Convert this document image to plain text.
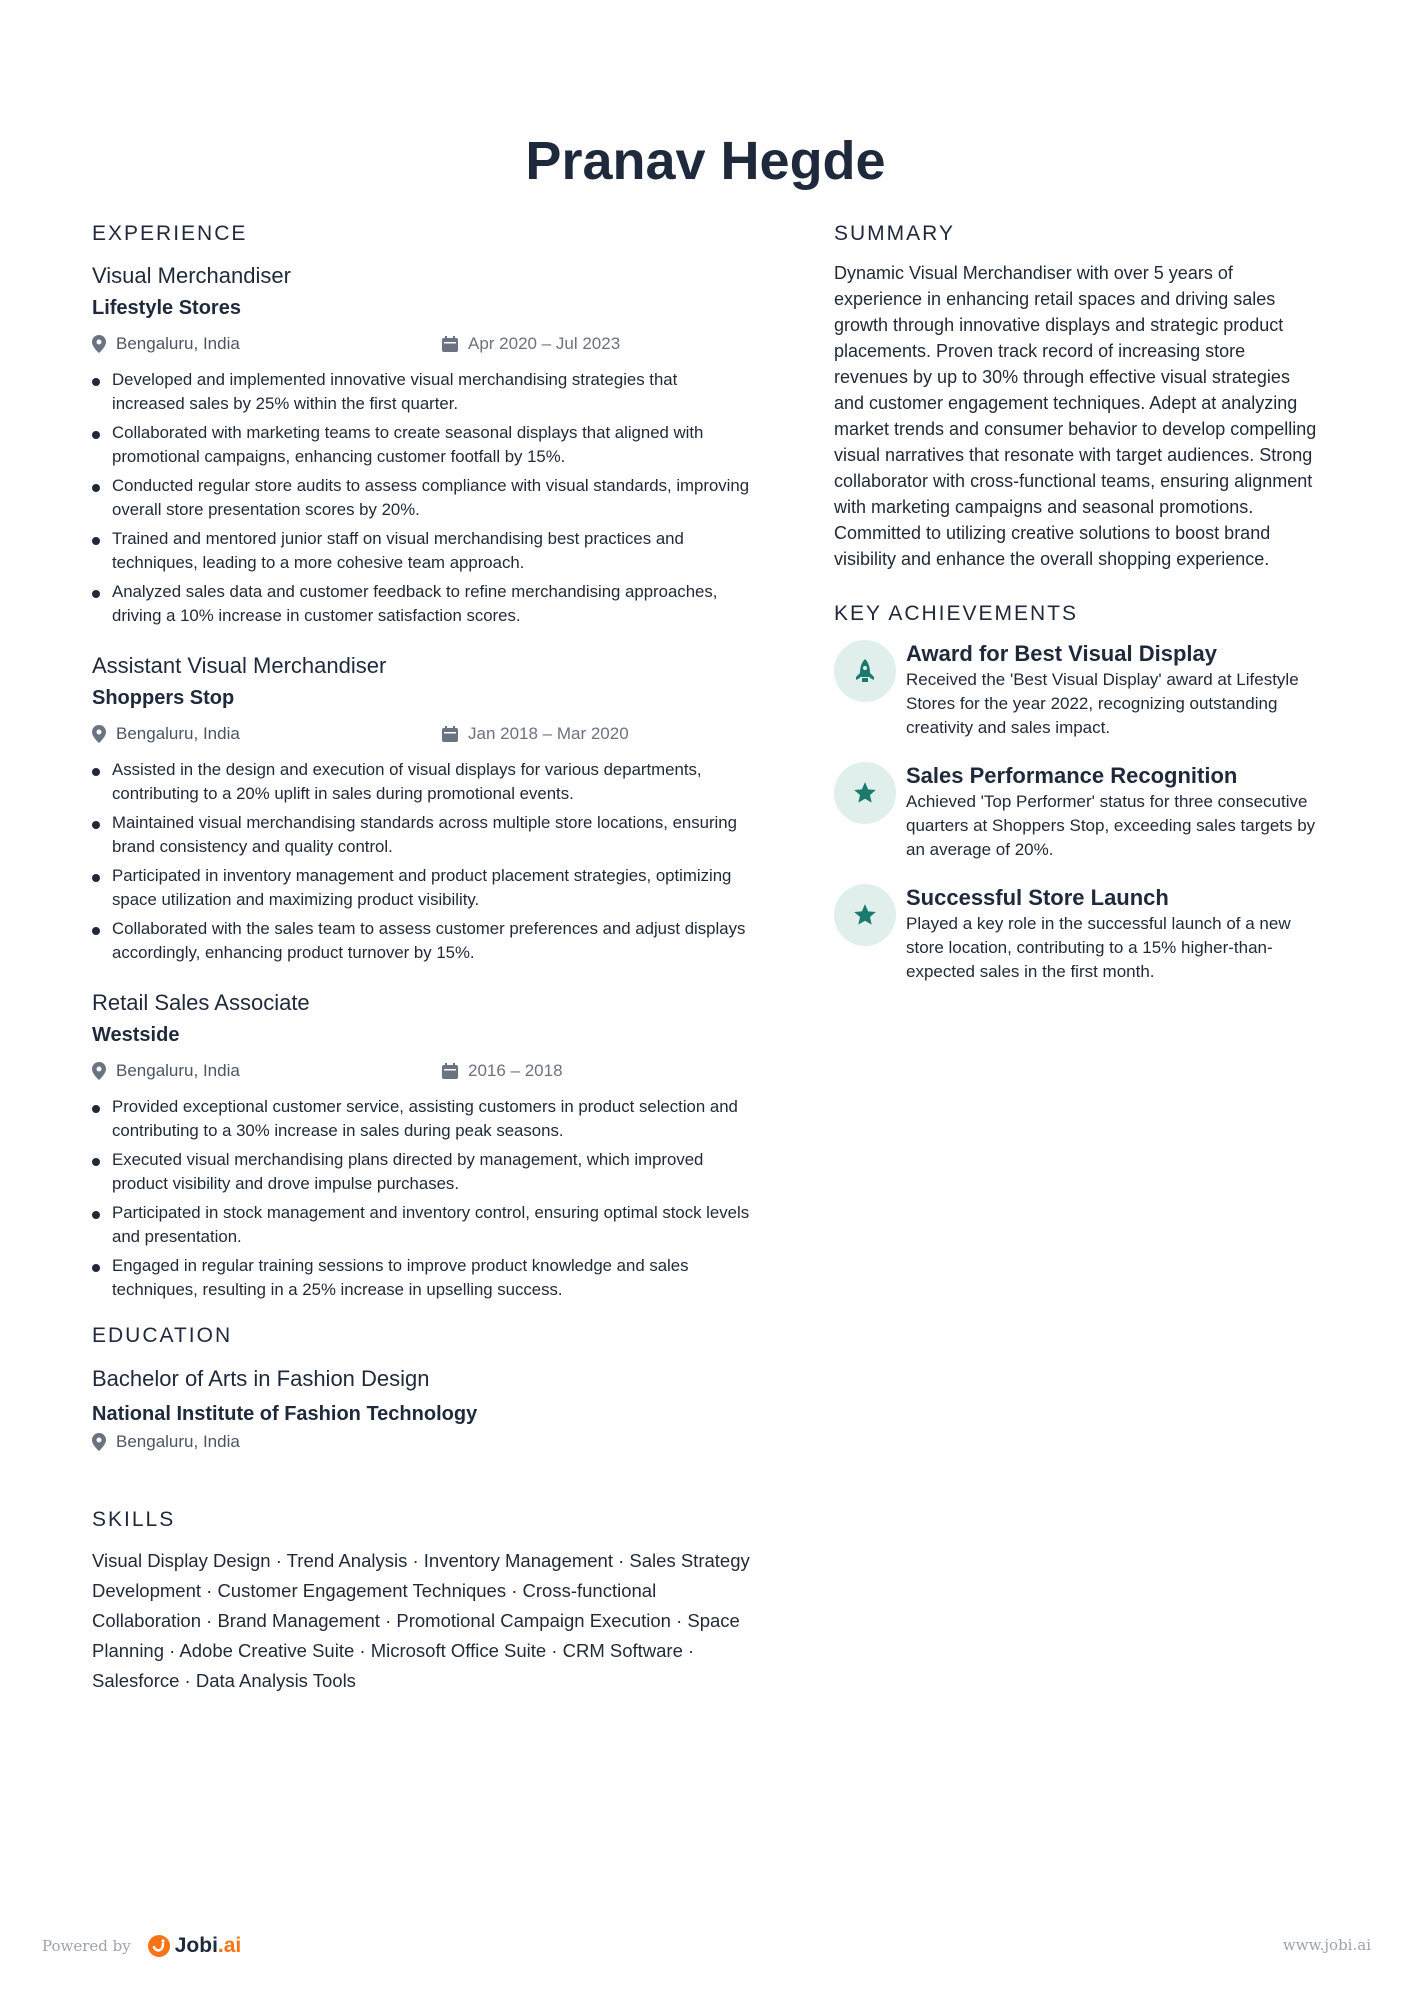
Pranav Hegde
EXPERIENCE
Visual Merchandiser
Lifestyle Stores
Bengaluru, India	Apr 2020 – Jul 2023
Developed and implemented innovative visual merchandising strategies that increased sales by 25% within the first quarter.
Collaborated with marketing teams to create seasonal displays that aligned with promotional campaigns, enhancing customer footfall by 15%.
Conducted regular store audits to assess compliance with visual standards, improving overall store presentation scores by 20%.
Trained and mentored junior staff on visual merchandising best practices and techniques, leading to a more cohesive team approach.
Analyzed sales data and customer feedback to refine merchandising approaches, driving a 10% increase in customer satisfaction scores.
Assistant Visual Merchandiser
Shoppers Stop
Bengaluru, India	Jan 2018 – Mar 2020
Assisted in the design and execution of visual displays for various departments, contributing to a 20% uplift in sales during promotional events.
Maintained visual merchandising standards across multiple store locations, ensuring brand consistency and quality control.
Participated in inventory management and product placement strategies, optimizing space utilization and maximizing product visibility.
Collaborated with the sales team to assess customer preferences and adjust displays accordingly, enhancing product turnover by 15%.
Retail Sales Associate
Westside
Bengaluru, India	2016 – 2018
Provided exceptional customer service, assisting customers in product selection and contributing to a 30% increase in sales during peak seasons.
Executed visual merchandising plans directed by management, which improved product visibility and drove impulse purchases.
Participated in stock management and inventory control, ensuring optimal stock levels and presentation.
Engaged in regular training sessions to improve product knowledge and sales techniques, resulting in a 25% increase in upselling success.
EDUCATION
Bachelor of Arts in Fashion Design
National Institute of Fashion Technology
Bengaluru, India
SKILLS
Visual Display Design · Trend Analysis · Inventory Management · Sales Strategy Development · Customer Engagement Techniques · Cross-functional Collaboration · Brand Management · Promotional Campaign Execution · Space Planning · Adobe Creative Suite · Microsoft Office Suite · CRM Software · Salesforce · Data Analysis Tools
SUMMARY
Dynamic Visual Merchandiser with over 5 years of experience in enhancing retail spaces and driving sales growth through innovative displays and strategic product placements. Proven track record of increasing store revenues by up to 30% through effective visual strategies and customer engagement techniques. Adept at analyzing market trends and consumer behavior to develop compelling visual narratives that resonate with target audiences. Strong collaborator with cross-functional teams, ensuring alignment with marketing campaigns and seasonal promotions. Committed to utilizing creative solutions to boost brand visibility and enhance the overall shopping experience.
KEY ACHIEVEMENTS
Award for Best Visual Display
Received the 'Best Visual Display' award at Lifestyle Stores for the year 2022, recognizing outstanding creativity and sales impact.
Sales Performance Recognition
Achieved 'Top Performer' status for three consecutive quarters at Shoppers Stop, exceeding sales targets by an average of 20%.
Successful Store Launch
Played a key role in the successful launch of a new store location, contributing to a 15% higher-than-expected sales in the first month.
Powered by Jobi.ai	www.jobi.ai
